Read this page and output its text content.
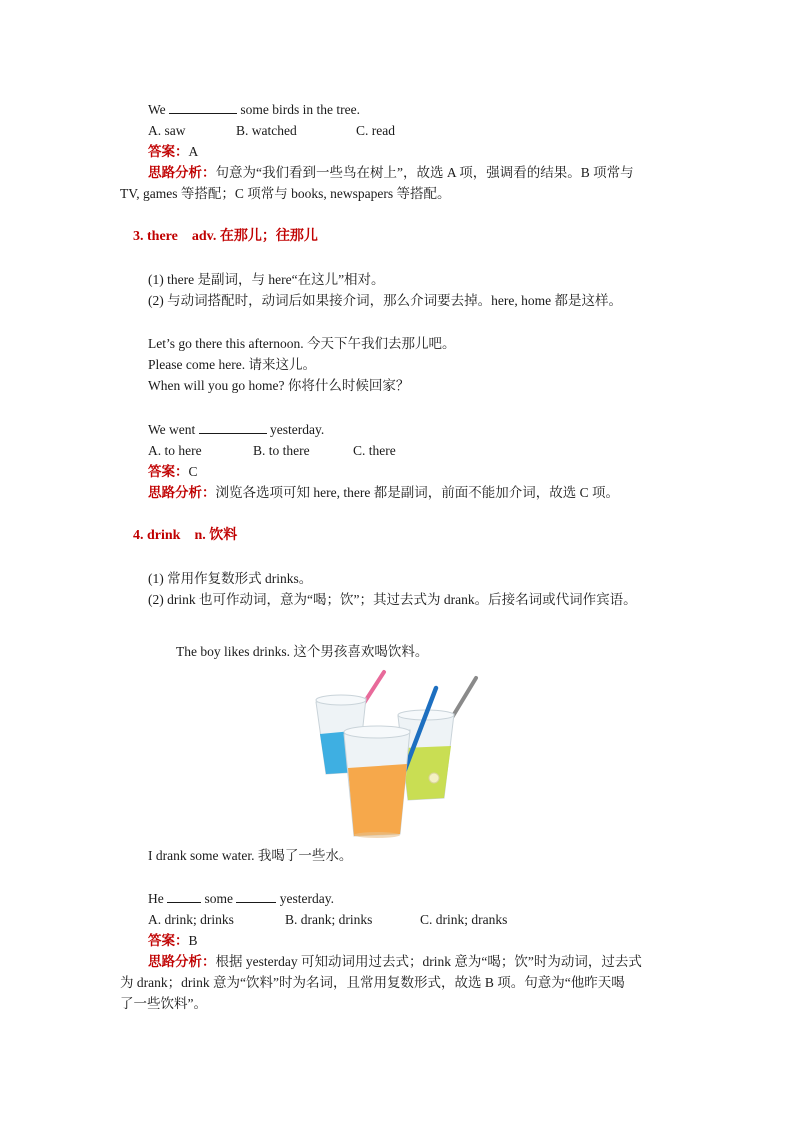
We	some birds in the tree.
A. saw	B. watched	C. read
答案：A
思路分析：句意为“我们看到一些鸟在树上”，故选 A 项，强调看的结果。B 项常与
TV, games 等搭配；C 项常与 books, newspapers 等搭配。
3. there　adv. 在那儿；往那儿
(1) there 是副词，与 here“在这儿”相对。
(2) 与动词搭配时，动词后如果接介词，那么介词要去掉。here, home 都是这样。
Let’s go there this afternoon. 今天下午我们去那儿吧。
Please come here. 请来这儿。
When will you go home? 你将什么时候回家？
We went	yesterday.
A. to here	B. to there	C. there
答案：C
思路分析：浏览各选项可知 here, there 都是副词，前面不能加介词，故选 C 项。
4. drink　n. 饮料
(1) 常用作复数形式 drinks。
(2) drink 也可作动词，意为“喝；饮”；其过去式为 drank。后接名词或代词作宾语。
The boy likes drinks. 这个男孩喜欢喝饮料。
I drank some water. 我喝了一些水。
He	some	yesterday.
A. drink; drinks	B. drank; drinks	C. drink; dranks
答案：B
思路分析：根据 yesterday 可知动词用过去式；drink 意为“喝；饮”时为动词，过去式
为 drank；drink 意为“饮料”时为名词，且常用复数形式，故选 B 项。句意为“他昨天喝
了一些饮料”。
